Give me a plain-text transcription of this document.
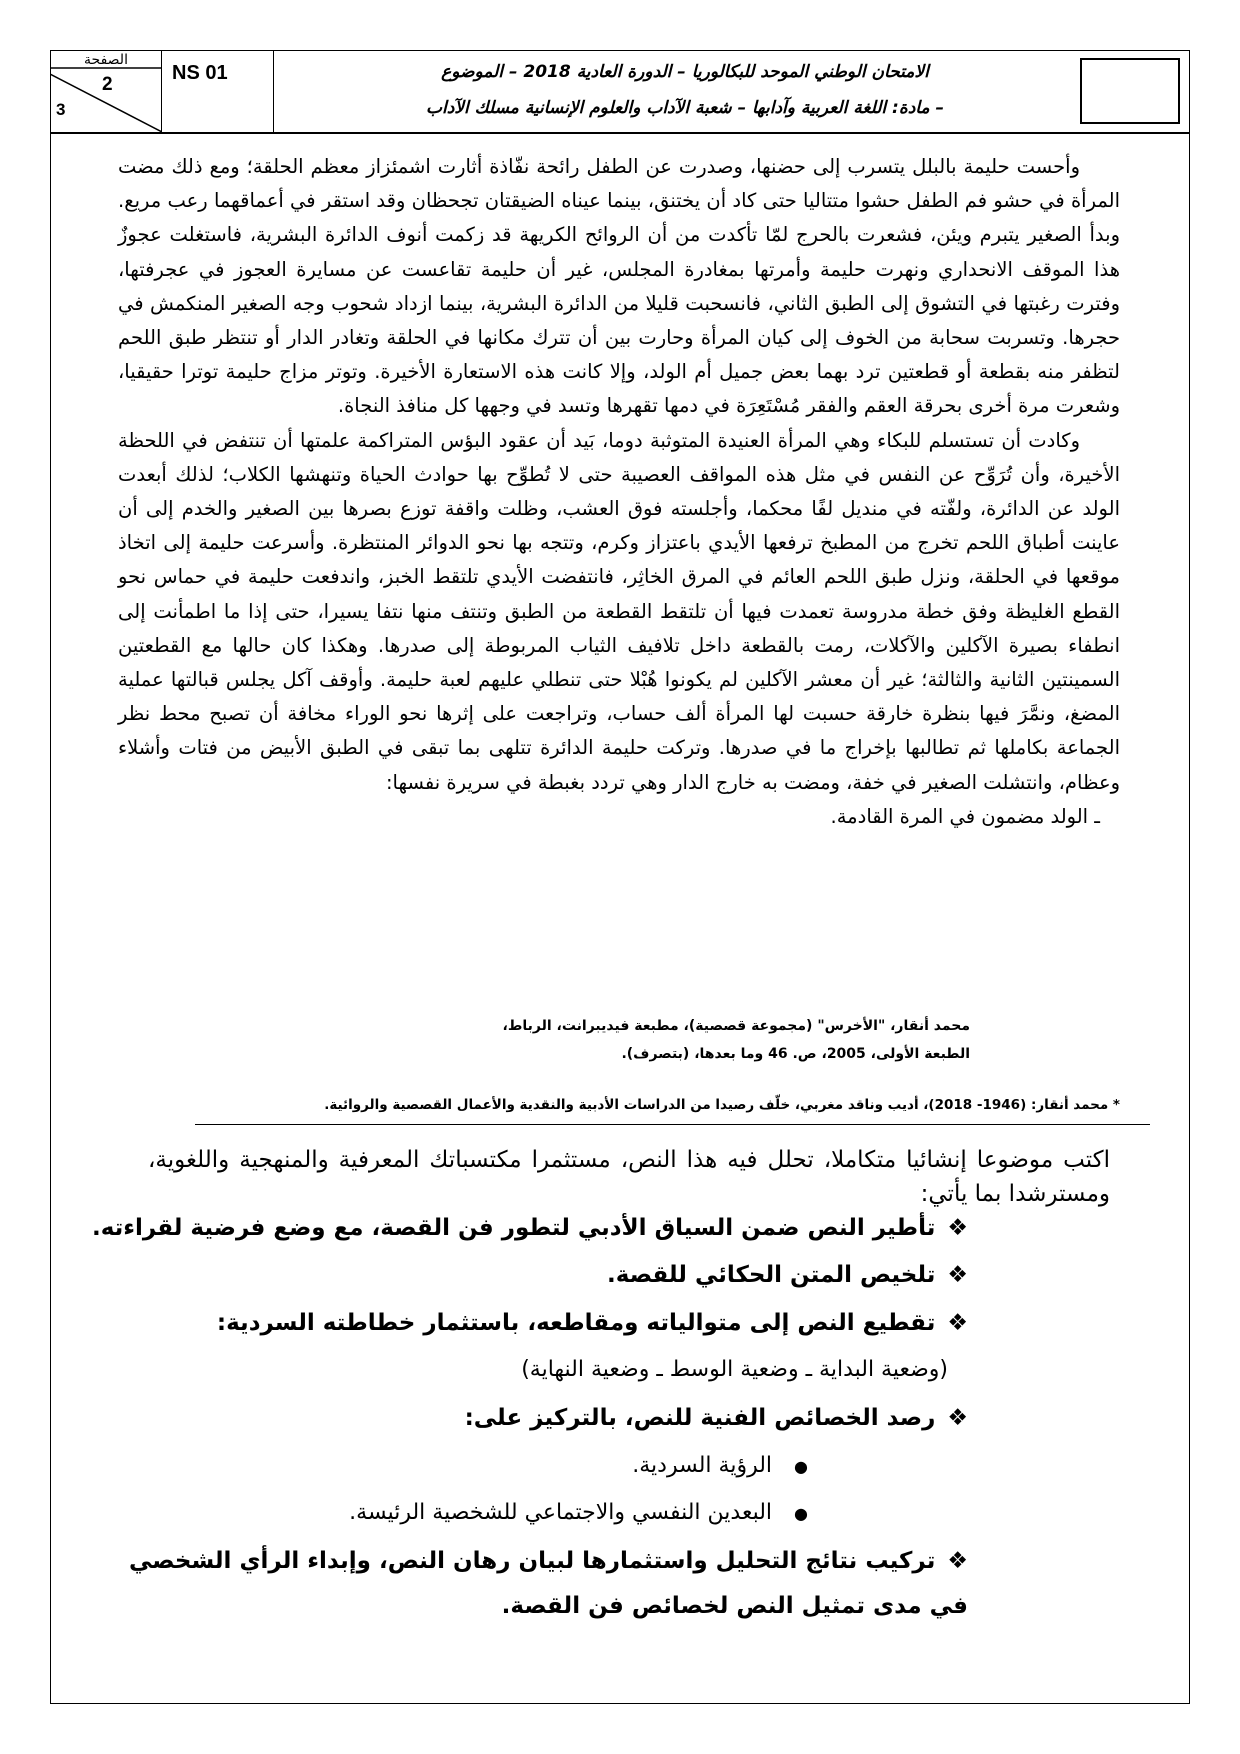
الصفحة
2
3
NS 01	الامتحان الوطني الموحد للبكالوريا – الدورة العادية 2018 – الموضوع
– مادة: اللغة العربية وآدابها – شعبة الآداب والعلوم الإنسانية مسلك الآداب

وأحست حليمة بالبلل يتسرب إلى حضنها، وصدرت عن الطفل رائحة نفّاذة أثارت اشمئزاز معظم الحلقة؛ ومع ذلك مضت المرأة في حشو فم الطفل حشوا متتاليا حتى كاد أن يختنق، بينما عيناه الضيقتان تجحظان وقد استقر في أعماقهما رعب مريع. وبدأ الصغير يتبرم ويئن، فشعرت بالحرج لمّا تأكدت من أن الروائح الكريهة قد زكمت أنوف الدائرة البشرية، فاستغلت عجوزٌ هذا الموقف الانحداري ونهرت حليمة وأمرتها بمغادرة المجلس، غير أن حليمة تقاعست عن مسايرة العجوز في عجرفتها، وفترت رغبتها في التشوق إلى الطبق الثاني، فانسحبت قليلا من الدائرة البشرية، بينما ازداد شحوب وجه الصغير المنكمش في حجرها. وتسربت سحابة من الخوف إلى كيان المرأة وحارت بين أن تترك مكانها في الحلقة وتغادر الدار أو تنتظر طبق اللحم لتظفر منه بقطعة أو قطعتين ترد بهما بعض جميل أم الولد، وإلا كانت هذه الاستعارة الأخيرة. وتوتر مزاج حليمة توترا حقيقيا، وشعرت مرة أخرى بحرقة العقم والفقر مُسْتَعِرَة في دمها تقهرها وتسد في وجهها كل منافذ النجاة.

وكادت أن تستسلم للبكاء وهي المرأة العنيدة المتوثبة دوما، بَيد أن عقود البؤس المتراكمة علمتها أن تنتفض في اللحظة الأخيرة، وأن تُرَوِّح عن النفس في مثل هذه المواقف العصيبة حتى لا تُطوِّح بها حوادث الحياة وتنهشها الكلاب؛ لذلك أبعدت الولد عن الدائرة، ولفّته في منديل لفًا محكما، وأجلسته فوق العشب، وظلت واقفة توزع بصرها بين الصغير والخدم إلى أن عاينت أطباق اللحم تخرج من المطبخ ترفعها الأيدي باعتزاز وكرم، وتتجه بها نحو الدوائر المنتظرة. وأسرعت حليمة إلى اتخاذ موقعها في الحلقة، ونزل طبق اللحم العائم في المرق الخاثِر، فانتفضت الأيدي تلتقط الخبز، واندفعت حليمة في حماس نحو القطع الغليظة وفق خطة مدروسة تعمدت فيها أن تلتقط القطعة من الطبق وتنتف منها نتفا يسيرا، حتى إذا ما اطمأنت إلى انطفاء بصيرة الآكلين والآكلات، رمت بالقطعة داخل تلافيف الثياب المربوطة إلى صدرها. وهكذا كان حالها مع القطعتين السمينتين الثانية والثالثة؛ غير أن معشر الآكلين لم يكونوا هُبْلا حتى تنطلي عليهم لعبة حليمة. وأوقف آكل يجلس قبالتها عملية المضغ، ونمَّرَ فيها بنظرة خارقة حسبت لها المرأة ألف حساب، وتراجعت على إثرها نحو الوراء مخافة أن تصبح محط نظر الجماعة بكاملها ثم تطالبها بإخراج ما في صدرها. وتركت حليمة الدائرة تتلهى بما تبقى في الطبق الأبيض من فتات وأشلاء وعظام، وانتشلت الصغير في خفة، ومضت به خارج الدار وهي تردد بغبطة في سريرة نفسها:

ـ الولد مضمون في المرة القادمة.

محمد أنقار، "الأخرس" (مجموعة قصصية)، مطبعة فيديبرانت، الرباط،
الطبعة الأولى، 2005، ص. 46 وما بعدها، (بتصرف).
* محمد أنقار: (1946- 2018)، أديب وناقد مغربي، خلّف رصيدا من الدراسات الأدبية والنقدية والأعمال القصصية والروائية.
اكتب موضوعا إنشائيا متكاملا، تحلل فيه هذا النص، مستثمرا مكتسباتك المعرفية والمنهجية واللغوية، ومسترشدا بما يأتي:
❖تأطير النص ضمن السياق الأدبي لتطور فن القصة، مع وضع فرضية لقراءته.
❖تلخيص المتن الحكائي للقصة.
❖تقطيع النص إلى متوالياته ومقاطعه، باستثمار خطاطته السردية:
(وضعية البداية ـ وضعية الوسط ـ وضعية النهاية)
❖رصد الخصائص الفنية للنص، بالتركيز على:
●الرؤية السردية.
●البعدين النفسي والاجتماعي للشخصية الرئيسة.
❖تركيب نتائج التحليل واستثمارها لبيان رهان النص، وإبداء الرأي الشخصي
في مدى تمثيل النص لخصائص فن القصة.
